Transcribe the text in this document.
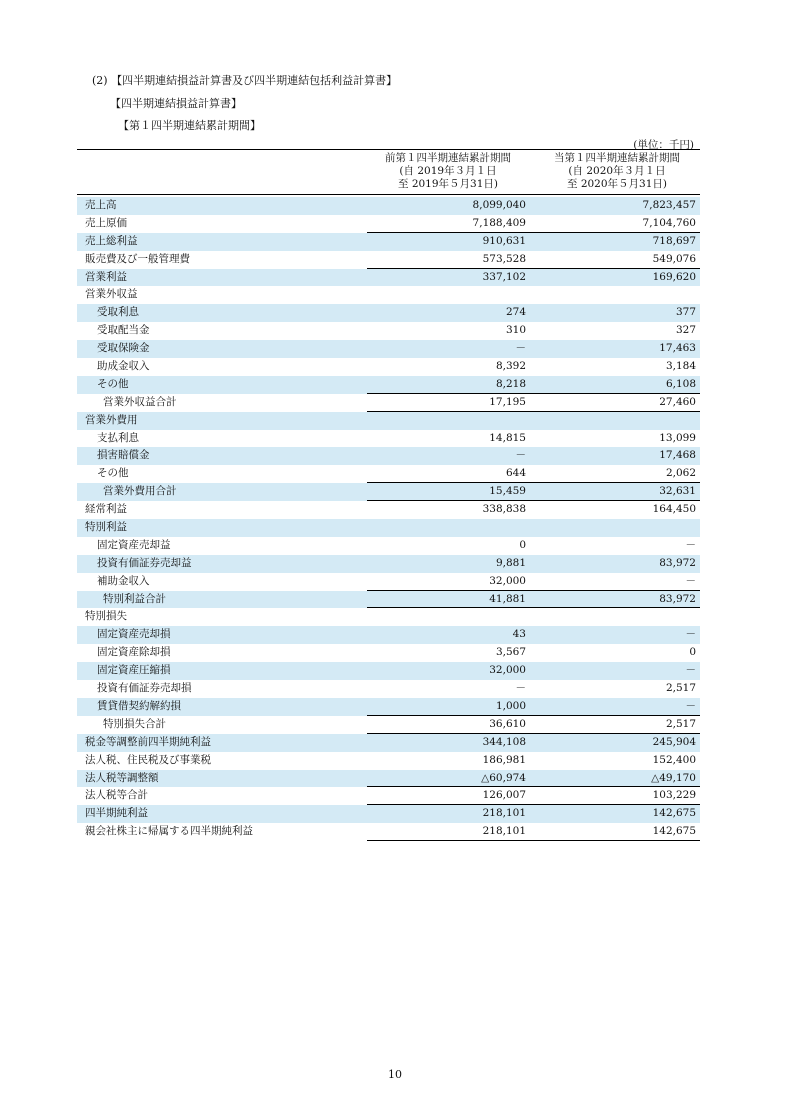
(2) 【四半期連結損益計算書及び四半期連結包括利益計算書】
【四半期連結損益計算書】
【第１四半期連結累計期間】
(単位：千円)
前第１四半期連結累計期間
(自 2019年３月１日
至 2019年５月31日)
当第１四半期連結累計期間
(自 2020年３月１日
至 2020年５月31日)
売上高	8,099,040	7,823,457
売上原価	7,188,409	7,104,760
売上総利益	910,631	718,697
販売費及び一般管理費	573,528	549,076
営業利益	337,102	169,620
営業外収益
受取利息	274	377
受取配当金	310	327
受取保険金	－	17,463
助成金収入	8,392	3,184
その他	8,218	6,108
営業外収益合計	17,195	27,460
営業外費用
支払利息	14,815	13,099
損害賠償金	－	17,468
その他	644	2,062
営業外費用合計	15,459	32,631
経常利益	338,838	164,450
特別利益
固定資産売却益	0	－
投資有価証券売却益	9,881	83,972
補助金収入	32,000	－
特別利益合計	41,881	83,972
特別損失
固定資産売却損	43	－
固定資産除却損	3,567	0
固定資産圧縮損	32,000	－
投資有価証券売却損	－	2,517
賃貸借契約解約損	1,000	－
特別損失合計	36,610	2,517
税金等調整前四半期純利益	344,108	245,904
法人税、住民税及び事業税	186,981	152,400
法人税等調整額	△60,974	△49,170
法人税等合計	126,007	103,229
四半期純利益	218,101	142,675
親会社株主に帰属する四半期純利益	218,101	142,675
10
